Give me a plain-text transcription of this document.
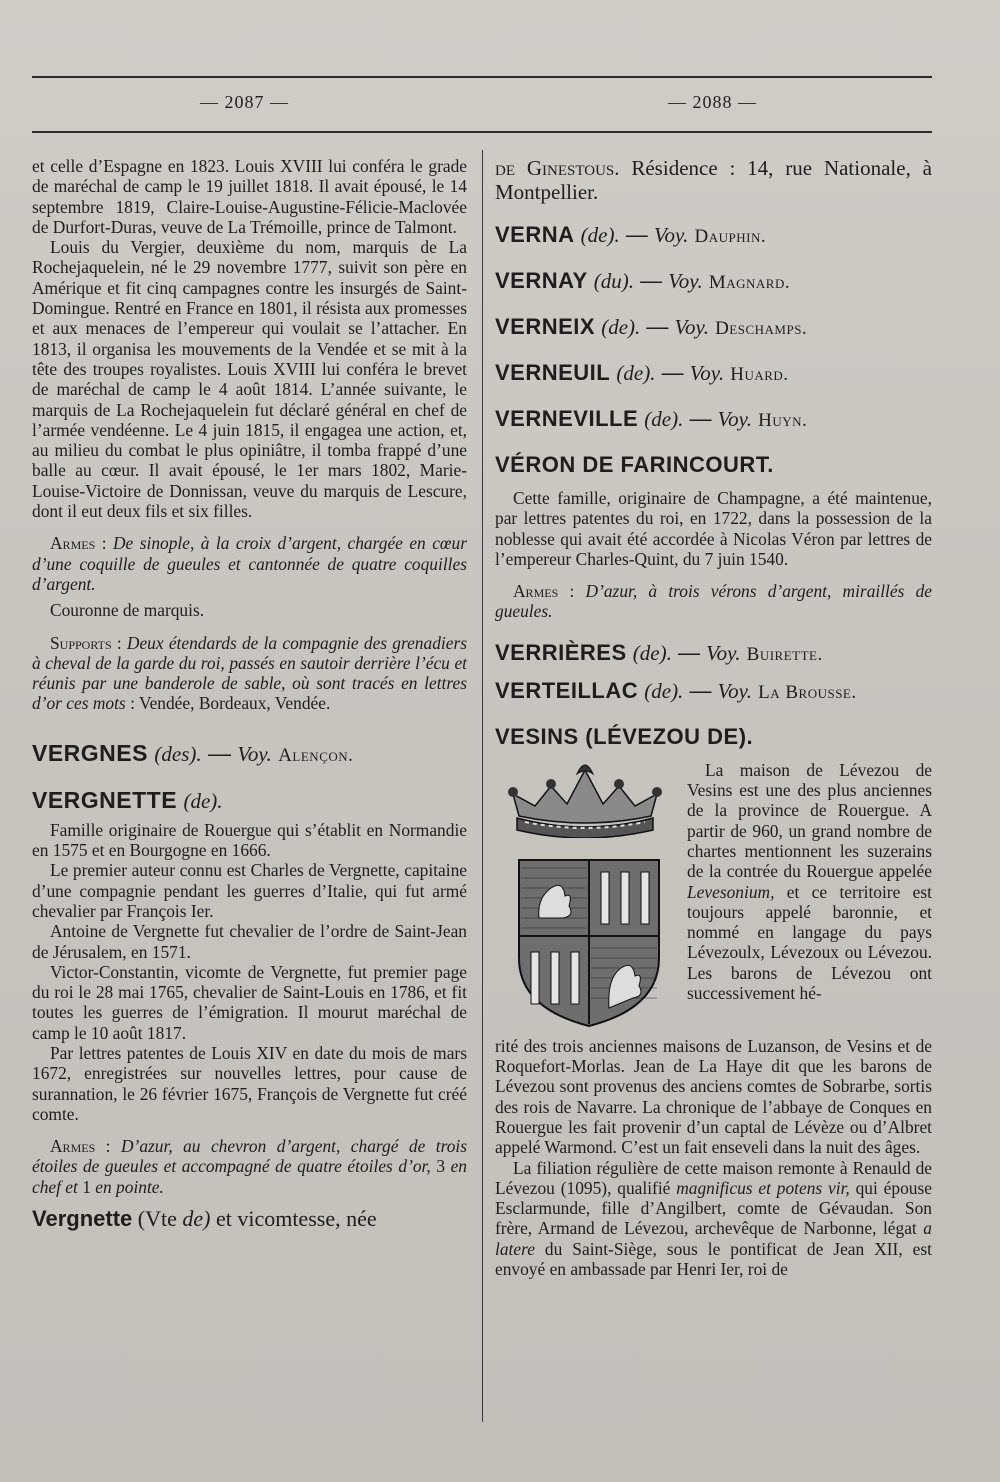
— 2087 —	— 2088 —

et celle d’Espagne en 1823. Louis XVIII lui conféra le grade de maréchal de camp le 19 juillet 1818. Il avait épousé, le 14 septembre 1819, Claire-Louise-Augustine-Félicie-Maclovée de Durfort-Duras, veuve de La Trémoille, prince de Talmont.

Louis du Vergier, deuxième du nom, marquis de La Rochejaquelein, né le 29 novembre 1777, suivit son père en Amérique et fit cinq campagnes contre les insurgés de Saint-Domingue. Rentré en France en 1801, il résista aux promesses et aux menaces de l’empereur qui voulait se l’attacher. En 1813, il organisa les mouvements de la Vendée et se mit à la tête des troupes royalistes. Louis XVIII lui conféra le brevet de maréchal de camp le 4 août 1814. L’année suivante, le marquis de La Rochejaquelein fut déclaré général en chef de l’armée vendéenne. Le 4 juin 1815, il engagea une action, et, au milieu du combat le plus opiniâtre, il tomba frappé d’une balle au cœur. Il avait épousé, le 1er mars 1802, Marie-Louise-Victoire de Donnissan, veuve du marquis de Lescure, dont il eut deux fils et six filles.

Armes : De sinople, à la croix d’argent, chargée en cœur d’une coquille de gueules et cantonnée de quatre coquilles d’argent.

Couronne de marquis.

Supports : Deux étendards de la compagnie des grenadiers à cheval de la garde du roi, passés en sautoir derrière l’écu et réunis par une banderole de sable, où sont tracés en lettres d’or ces mots : Vendée, Bordeaux, Vendée.

VERGNES (des). — Voy. Alençon.

VERGNETTE (de).

Famille originaire de Rouergue qui s’établit en Normandie en 1575 et en Bourgogne en 1666.

Le premier auteur connu est Charles de Vergnette, capitaine d’une compagnie pendant les guerres d’Italie, qui fut armé chevalier par François Ier.

Antoine de Vergnette fut chevalier de l’ordre de Saint-Jean de Jérusalem, en 1571.

Victor-Constantin, vicomte de Vergnette, fut premier page du roi le 28 mai 1765, chevalier de Saint-Louis en 1786, et fit toutes les guerres de l’émigration. Il mourut maréchal de camp le 10 août 1817.

Par lettres patentes de Louis XIV en date du mois de mars 1672, enregistrées sur nouvelles lettres, pour cause de surannation, le 26 février 1675, François de Vergnette fut créé comte.

Armes : D’azur, au chevron d’argent, chargé de trois étoiles de gueules et accompagné de quatre étoiles d’or, 3 en chef et 1 en pointe.

Vergnette (Vte de) et vicomtesse, née

de Ginestous. Résidence : 14, rue Nationale, à Montpellier.

VERNA (de). — Voy. Dauphin.

VERNAY (du). — Voy. Magnard.

VERNEIX (de). — Voy. Deschamps.

VERNEUIL (de). — Voy. Huard.

VERNEVILLE (de). — Voy. Huyn.

VÉRON DE FARINCOURT.

Cette famille, originaire de Champagne, a été maintenue, par lettres patentes du roi, en 1722, dans la possession de la noblesse qui avait été accordée à Nicolas Véron par lettres de l’empereur Charles-Quint, du 7 juin 1540.

Armes : D’azur, à trois vérons d’argent, miraillés de gueules.

VERRIÈRES (de). — Voy. Buirette.

VERTEILLAC (de). — Voy. La Brousse.

VESINS (LÉVEZOU DE).

La maison de Lévezou de Vesins est une des plus anciennes de la province de Rouergue. A partir de 960, un grand nombre de chartes mentionnent les suzerains de la contrée du Rouergue appelée Levesonium, et ce territoire est toujours appelé baronnie, et nommé en langage du pays Lévezoulx, Lévezoux ou Lévezou. Les barons de Lévezou ont successivement hé-

rité des trois anciennes maisons de Luzanson, de Vesins et de Roquefort-Morlas. Jean de La Haye dit que les barons de Lévezou sont provenus des anciens comtes de Sobrarbe, sortis des rois de Navarre. La chronique de l’abbaye de Conques en Rouergue les fait provenir d’un captal de Lévèze ou d’Albret appelé Warmond. C’est un fait enseveli dans la nuit des âges.

La filiation régulière de cette maison remonte à Renauld de Lévezou (1095), qualifié magnificus et potens vir, qui épouse Esclarmunde, fille d’Angilbert, comte de Gévaudan. Son frère, Armand de Lévezou, archevêque de Narbonne, légat a latere du Saint-Siège, sous le pontificat de Jean XII, est envoyé en ambassade par Henri Ier, roi de
